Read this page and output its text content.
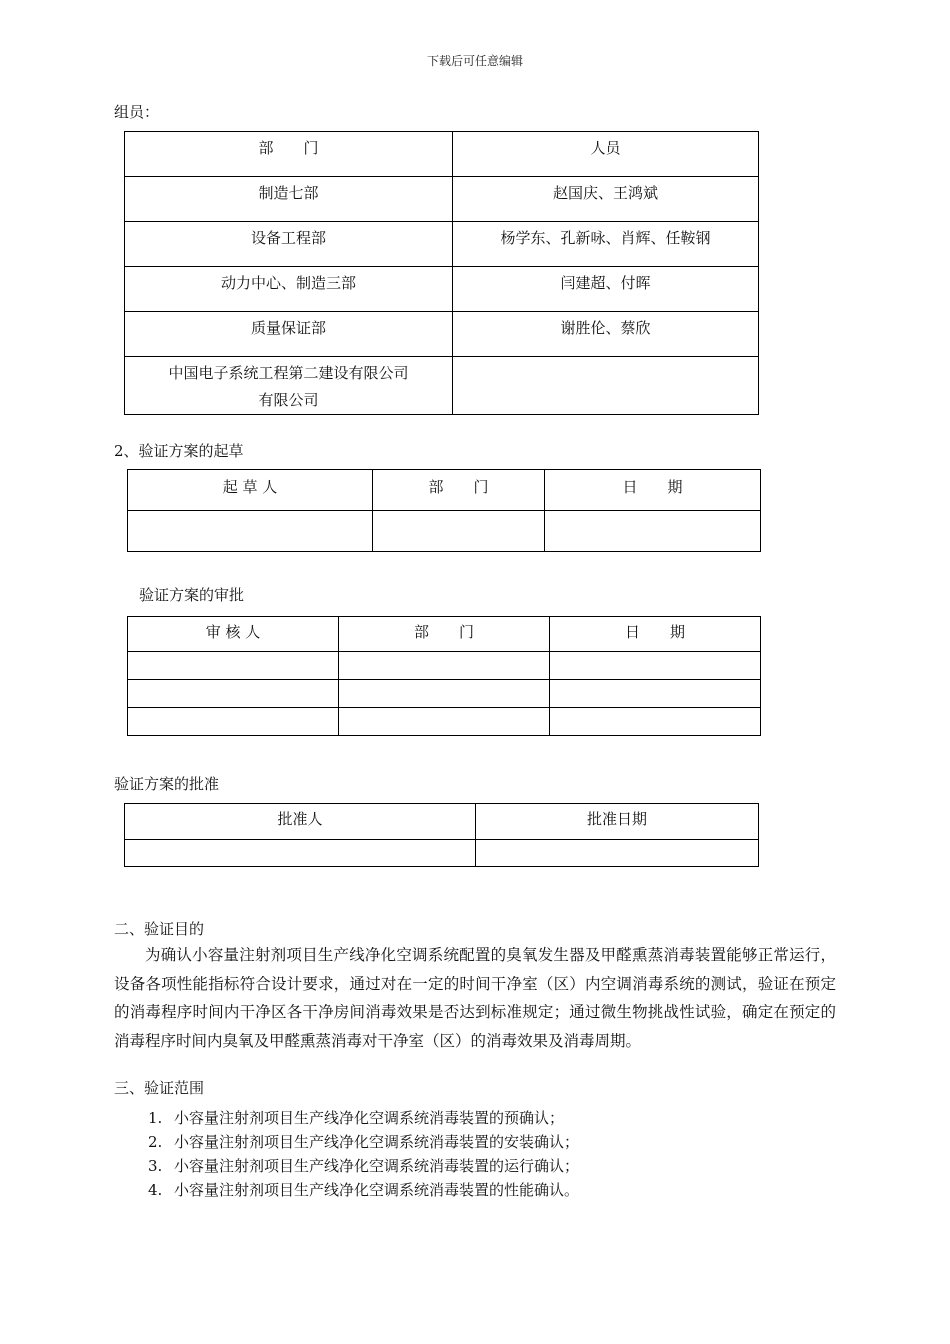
下载后可任意编辑
组员：
部　　门	人员

制造七部	赵国庆、王鸿斌

设备工程部	杨学东、孔新咏、肖辉、任鞍钢

动力中心、制造三部	闫建超、付晖

质量保证部	谢胜伦、蔡欣

中国电子系统工程第二建设有限公司
有限公司	

2、验证方案的起草
起 草 人	部　　门	日　　期

验证方案的审批
审 核 人	部　　门	日　　期

验证方案的批准
批准人	批准日期

二、验证目的

为确认小容量注射剂项目生产线净化空调系统配置的臭氧发生器及甲醛熏蒸消毒装置能够正常运行，设备各项性能指标符合设计要求，通过对在一定的时间干净室（区）内空调消毒系统的测试，验证在预定的消毒程序时间内干净区各干净房间消毒效果是否达到标准规定；通过微生物挑战性试验，确定在预定的消毒程序时间内臭氧及甲醛熏蒸消毒对干净室（区）的消毒效果及消毒周期。

三、验证范围
1. 小容量注射剂项目生产线净化空调系统消毒装置的预确认；
2. 小容量注射剂项目生产线净化空调系统消毒装置的安装确认；
3. 小容量注射剂项目生产线净化空调系统消毒装置的运行确认；
4. 小容量注射剂项目生产线净化空调系统消毒装置的性能确认。
